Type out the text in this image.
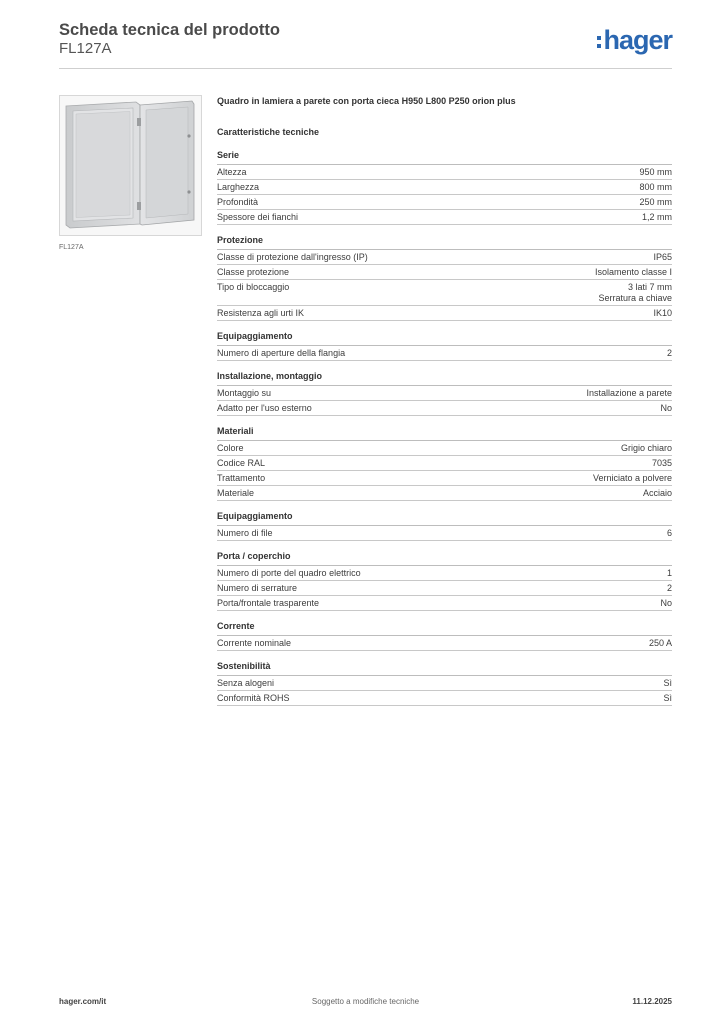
Scheda tecnica del prodotto

FL127A	hager
FL127A

Quadro in lamiera a parete con porta cieca H950 L800 P250 orion plus

Caratteristiche tecniche

Serie
Altezza	950 mm
Larghezza	800 mm
Profondità	250 mm
Spessore dei fianchi	1,2 mm
Protezione
Classe di protezione dall'ingresso (IP)	IP65
Classe protezione	Isolamento classe I
Tipo di bloccaggio	3 lati 7 mm
Serratura a chiave
Resistenza agli urti IK	IK10
Equipaggiamento
Numero di aperture della flangia	2
Installazione, montaggio
Montaggio su	Installazione a parete
Adatto per l'uso esterno	No
Materiali
Colore	Grigio chiaro
Codice RAL	7035
Trattamento	Verniciato a polvere
Materiale	Acciaio
Equipaggiamento
Numero di file	6
Porta / coperchio
Numero di porte del quadro elettrico	1
Numero di serrature	2
Porta/frontale trasparente	No
Corrente
Corrente nominale	250 A
Sostenibilità
Senza alogeni	Sì
Conformità ROHS	Sì
hager.com/it	Soggetto a modifiche tecniche	11.12.2025
